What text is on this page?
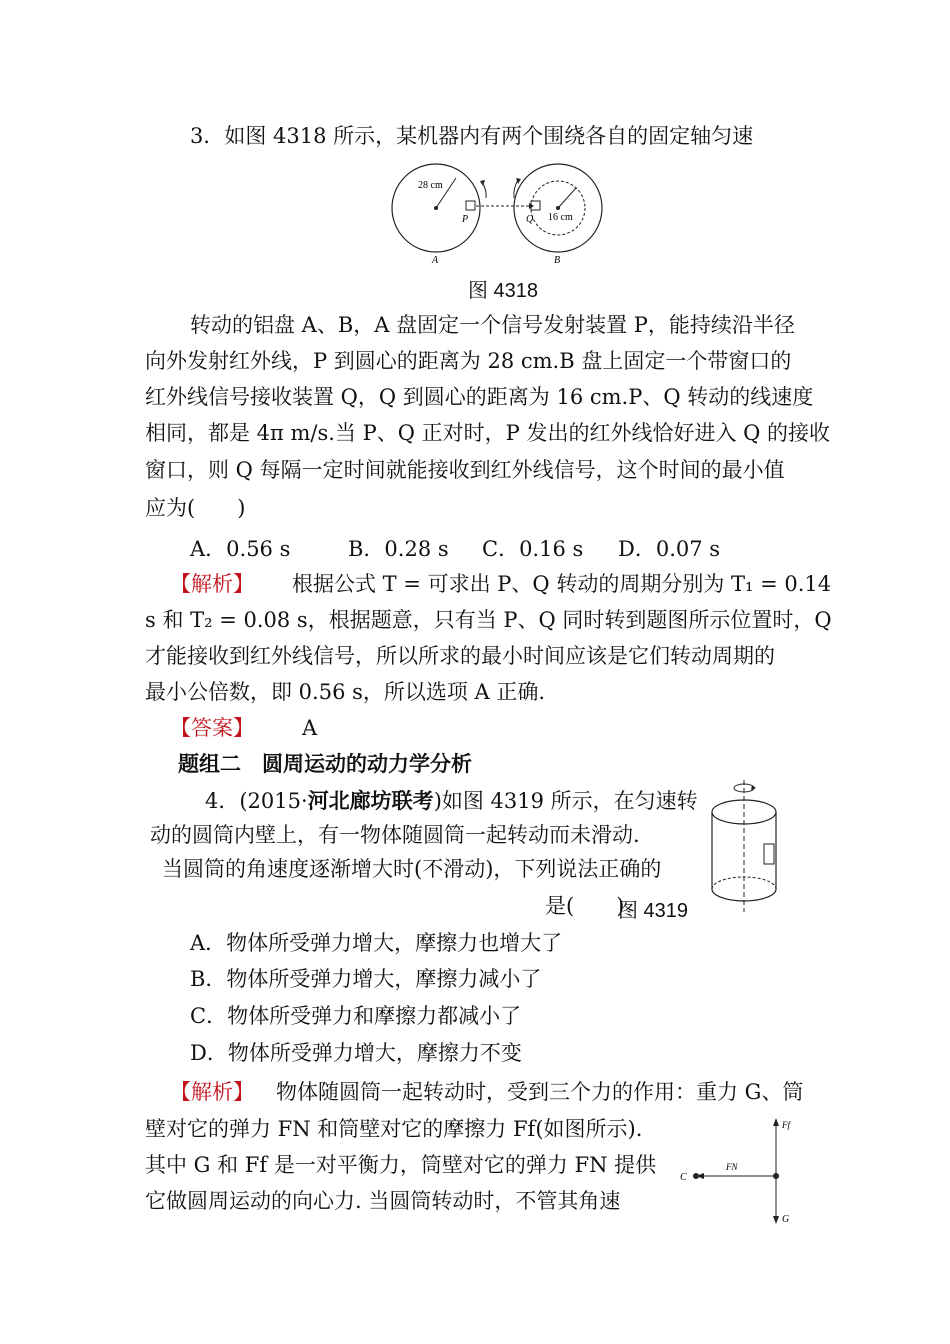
3．如图 4318 所示，某机器内有两个围绕各自的固定轴匀速
28 cm
16 cm
P	Q
A	B
图 4318
转动的铝盘 A、B，A 盘固定一个信号发射装置 P，能持续沿半径
向外发射红外线，P 到圆心的距离为 28 cm.B 盘上固定一个带窗口的
红外线信号接收装置 Q，Q 到圆心的距离为 16 cm.P、Q 转动的线速度
相同，都是 4π m/s.当 P、Q 正对时，P 发出的红外线恰好进入 Q 的接收
窗口，则 Q 每隔一定时间就能接收到红外线信号，这个时间的最小值
应为(　　)
A．0.56 s	B．0.28 s C．0.16 s D．0.07 s
【解析】 根据公式 T = 可求出 P、Q 转动的周期分别为 T₁ = 0.14
s 和 T₂ = 0.08 s，根据题意，只有当 P、Q 同时转到题图所示位置时，Q
才能接收到红外线信号，所以所求的最小时间应该是它们转动周期的
最小公倍数，即 0.56 s，所以选项 A 正确.
【答案】 A
题组二　圆周运动的动力学分析
4．(2015·河北廊坊联考)如图 4319 所示，在匀速转
动的圆筒内壁上，有一物体随圆筒一起转动而未滑动.
当圆筒的角速度逐渐增大时(不滑动)，下列说法正确的
是(　　)
图 4319
A．物体所受弹力增大，摩擦力也增大了
B．物体所受弹力增大，摩擦力减小了
C．物体所受弹力和摩擦力都减小了
D．物体所受弹力增大，摩擦力不变
【解析】 物体随圆筒一起转动时，受到三个力的作用：重力 G、筒
壁对它的弹力 FN 和筒壁对它的摩擦力 Ff(如图所示).
其中 G 和 Ff 是一对平衡力，筒壁对它的弹力 FN 提供
它做圆周运动的向心力. 当圆筒转动时，不管其角速
Ff
FN
C
G
